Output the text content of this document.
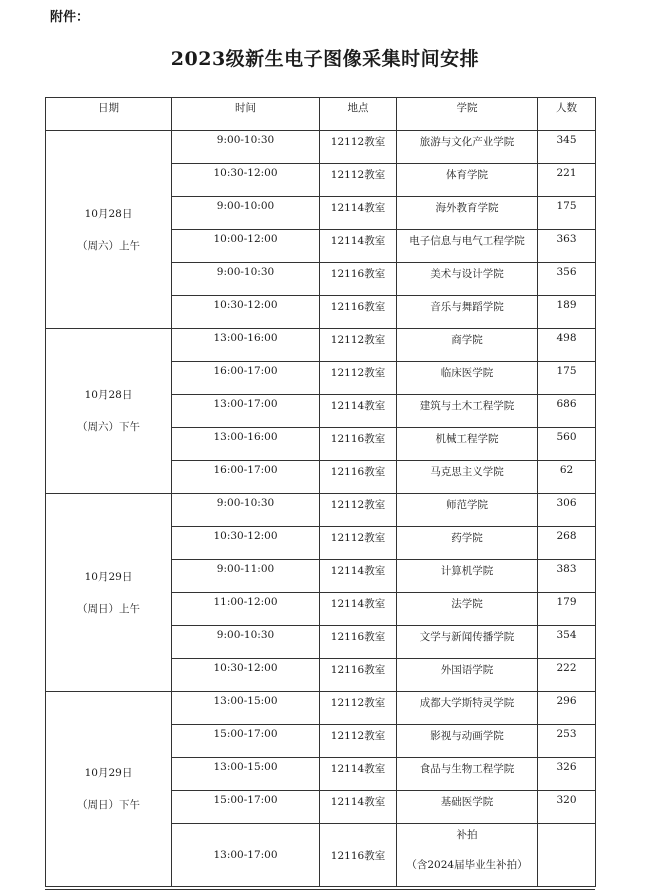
附件：
2023级新生电子图像采集时间安排
日期	时间	地点	学院	人数

10月28日
（周六）上午	9:00-10:30	12112教室	旅游与文化产业学院	345
	10:30-12:00	12112教室	体育学院	221
	9:00-10:00	12114教室	海外教育学院	175
	10:00-12:00	12114教室	电子信息与电气工程学院	363
	9:00-10:30	12116教室	美术与设计学院	356
	10:30-12:00	12116教室	音乐与舞蹈学院	189

10月28日
（周六）下午	13:00-16:00	12112教室	商学院	498
	16:00-17:00	12112教室	临床医学院	175
	13:00-17:00	12114教室	建筑与土木工程学院	686
	13:00-16:00	12116教室	机械工程学院	560
	16:00-17:00	12116教室	马克思主义学院	62

10月29日
（周日）上午	9:00-10:30	12112教室	师范学院	306
	10:30-12:00	12112教室	药学院	268
	9:00-11:00	12114教室	计算机学院	383
	11:00-12:00	12114教室	法学院	179
	9:00-10:30	12116教室	文学与新闻传播学院	354
	10:30-12:00	12116教室	外国语学院	222

10月29日
（周日）下午	13:00-15:00	12112教室	成都大学斯特灵学院	296
	15:00-17:00	12112教室	影视与动画学院	253
	13:00-15:00	12114教室	食品与生物工程学院	326
	15:00-17:00	12114教室	基础医学院	320
	13:00-17:00	12116教室	补拍
（含2024届毕业生补拍）	
